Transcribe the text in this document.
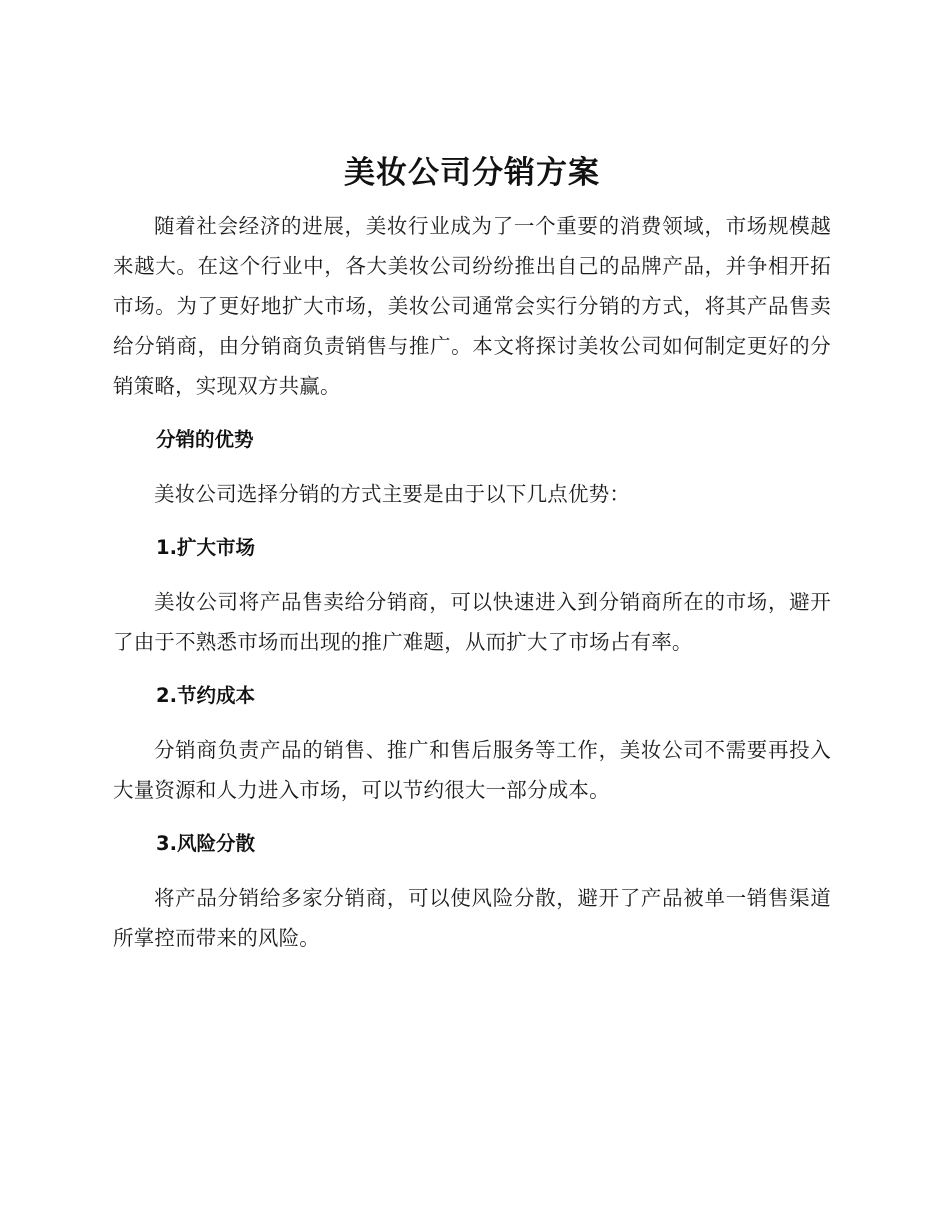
美妆公司分销方案

随着社会经济的进展，美妆行业成为了一个重要的消费领域，市场规模越来越大。在这个行业中，各大美妆公司纷纷推出自己的品牌产品，并争相开拓市场。为了更好地扩大市场，美妆公司通常会实行分销的方式，将其产品售卖给分销商，由分销商负责销售与推广。本文将探讨美妆公司如何制定更好的分销策略，实现双方共赢。

分销的优势

美妆公司选择分销的方式主要是由于以下几点优势：

1.扩大市场

美妆公司将产品售卖给分销商，可以快速进入到分销商所在的市场，避开了由于不熟悉市场而出现的推广难题，从而扩大了市场占有率。

2.节约成本

分销商负责产品的销售、推广和售后服务等工作，美妆公司不需要再投入大量资源和人力进入市场，可以节约很大一部分成本。

3.风险分散

将产品分销给多家分销商，可以使风险分散，避开了产品被单一销售渠道所掌控而带来的风险。
